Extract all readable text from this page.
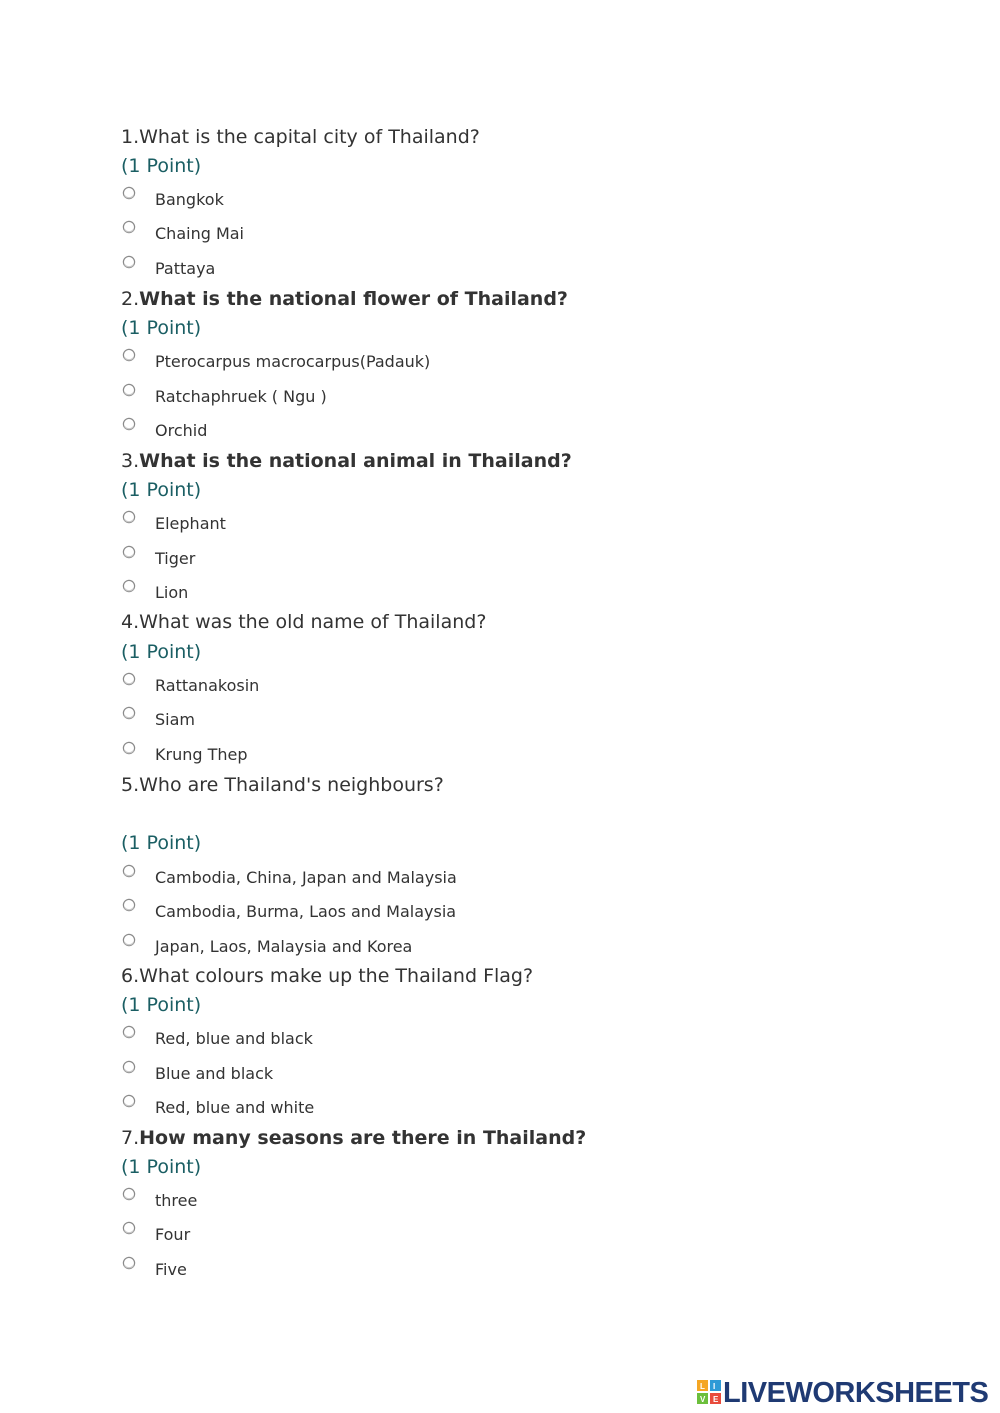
1.What is the capital city of Thailand?
(1 Point)
Bangkok
Chaing Mai
Pattaya
2.What is the national flower of Thailand?
(1 Point)
Pterocarpus macrocarpus(Padauk)
Ratchaphruek ( Ngu )
Orchid
3.What is the national animal in Thailand?
(1 Point)
Elephant
Tiger
Lion
4.What was the old name of Thailand?
(1 Point)
Rattanakosin
Siam
Krung Thep
5.Who are Thailand's neighbours?
(1 Point)
Cambodia, China, Japan and Malaysia
Cambodia, Burma, Laos and Malaysia
Japan, Laos, Malaysia and Korea
6.What colours make up the Thailand Flag?
(1 Point)
Red, blue and black
Blue and black
Red, blue and white
7.How many seasons are there in Thailand?
(1 Point)
three
Four
Five
L I
V E LIVEWORKSHEETS
